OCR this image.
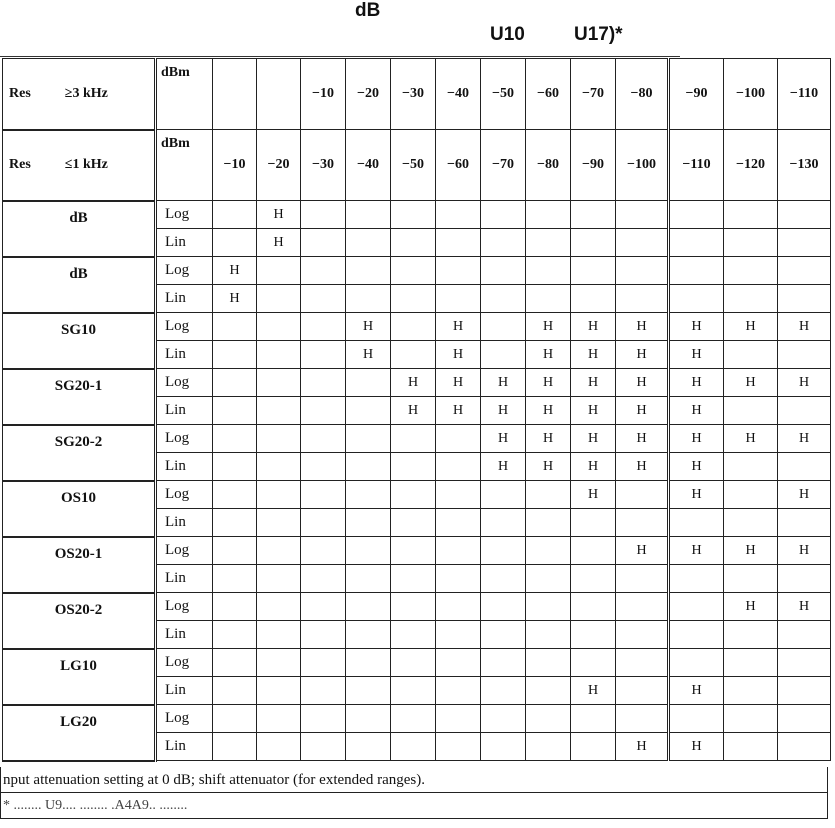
dB
U10	U17)*
Res ≥3 kHz	dBm			−10	−20	−30	−40	−50	−60	−70	−80	−90	−100	−110
Res ≤1 kHz	dBm	−10	−20	−30	−40	−50	−60	−70	−80	−90	−100	−110	−120	−130
dB	Log		H											
	Lin		H											
dB	Log	H												
	Lin	H												
SG10	Log				H		H		H	H	H	H	H	H
	Lin				H		H		H	H	H	H		
SG20-1	Log					H	H	H	H	H	H	H	H	H
	Lin					H	H	H	H	H	H	H		
SG20-2	Log							H	H	H	H	H	H	H
	Lin							H	H	H	H	H		
OS10	Log									H		H		H
	Lin													
OS20-1	Log										H	H	H	H
	Lin													
OS20-2	Log												H	H
	Lin													
LG10	Log													
	Lin									H		H		
LG20	Log													
	Lin										H	H		
nput attenuation setting at 0 dB; shift attenuator (for extended ranges).
* ........ U9.... ........ .A4A9.. ........
